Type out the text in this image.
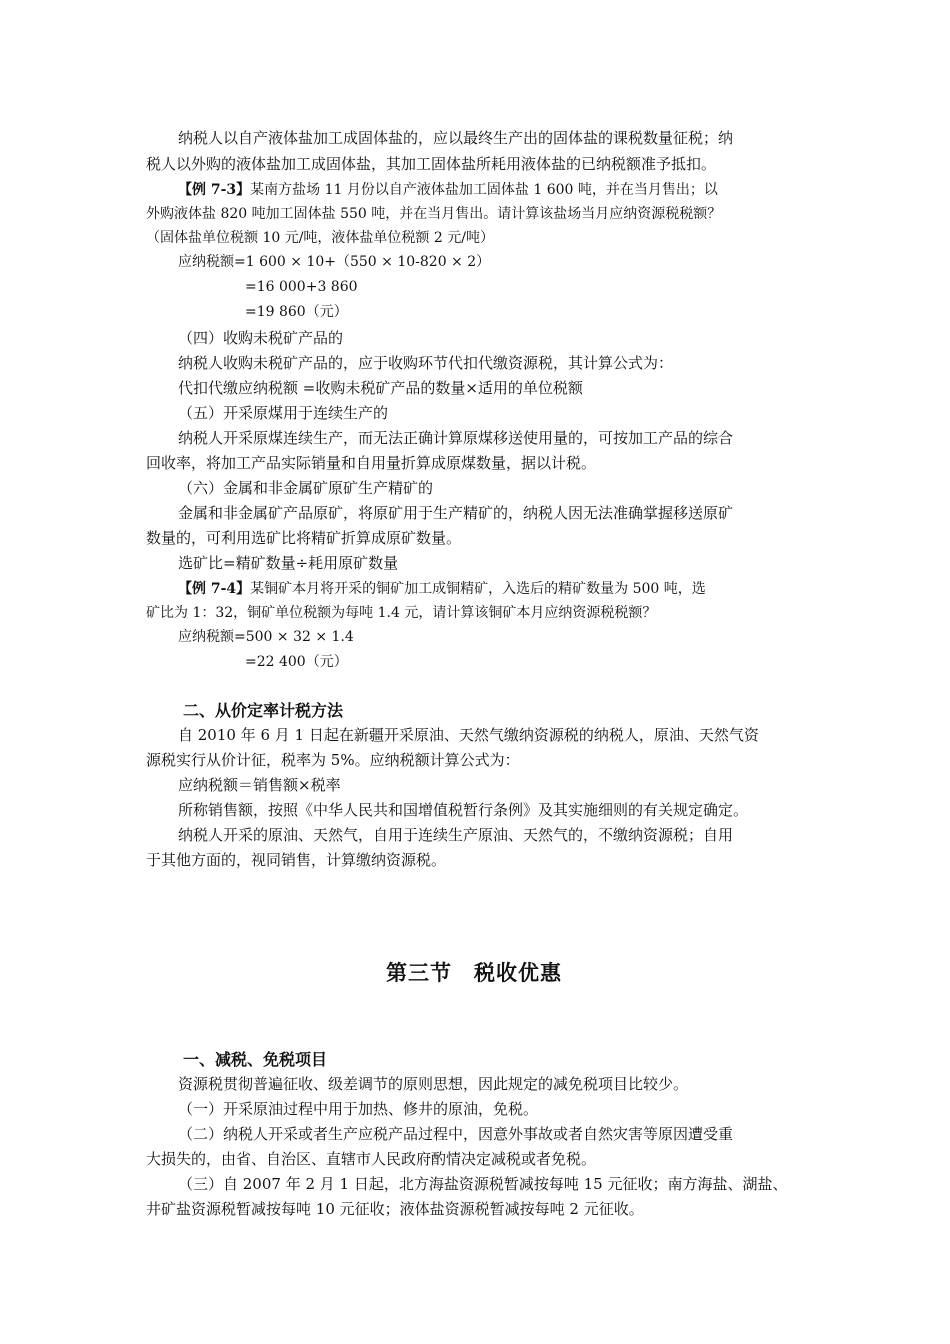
纳税人以自产液体盐加工成固体盐的，应以最终生产出的固体盐的课税数量征税；纳
税人以外购的液体盐加工成固体盐，其加工固体盐所耗用液体盐的已纳税额准予抵扣。
【例 7-3】某南方盐场 11 月份以自产液体盐加工固体盐 1 600 吨，并在当月售出；以
外购液体盐 820 吨加工固体盐 550 吨，并在当月售出。请计算该盐场当月应纳资源税税额？
（固体盐单位税额 10 元/吨，液体盐单位税额 2 元/吨）
应纳税额=1 600 × 10+（550 × 10-820 × 2）
=16 000+3 860
=19 860（元）
（四）收购未税矿产品的
纳税人收购未税矿产品的，应于收购环节代扣代缴资源税，其计算公式为：
代扣代缴应纳税额 =收购未税矿产品的数量×适用的单位税额
（五）开采原煤用于连续生产的
纳税人开采原煤连续生产，而无法正确计算原煤移送使用量的，可按加工产品的综合
回收率，将加工产品实际销量和自用量折算成原煤数量，据以计税。
（六）金属和非金属矿原矿生产精矿的
金属和非金属矿产品原矿，将原矿用于生产精矿的，纳税人因无法准确掌握移送原矿
数量的，可利用选矿比将精矿折算成原矿数量。
选矿比=精矿数量÷耗用原矿数量
【例 7-4】某铜矿本月将开采的铜矿加工成铜精矿，入选后的精矿数量为 500 吨，选
矿比为 1：32，铜矿单位税额为每吨 1.4 元，请计算该铜矿本月应纳资源税税额？
应纳税额=500 × 32 × 1.4
=22 400（元）
二、从价定率计税方法
自 2010 年 6 月 1 日起在新疆开采原油、天然气缴纳资源税的纳税人，原油、天然气资
源税实行从价计征，税率为 5%。应纳税额计算公式为：
应纳税额＝销售额×税率
所称销售额，按照《中华人民共和国增值税暂行条例》及其实施细则的有关规定确定。
纳税人开采的原油、天然气，自用于连续生产原油、天然气的，不缴纳资源税；自用
于其他方面的，视同销售，计算缴纳资源税。
第三节　税收优惠
一、减税、免税项目
资源税贯彻普遍征收、级差调节的原则思想，因此规定的减免税项目比较少。
（一）开采原油过程中用于加热、修井的原油，免税。
（二）纳税人开采或者生产应税产品过程中，因意外事故或者自然灾害等原因遭受重
大损失的，由省、自治区、直辖市人民政府酌情决定减税或者免税。
（三）自 2007 年 2 月 1 日起，北方海盐资源税暂减按每吨 15 元征收；南方海盐、湖盐、
井矿盐资源税暂减按每吨 10 元征收；液体盐资源税暂减按每吨 2 元征收。
